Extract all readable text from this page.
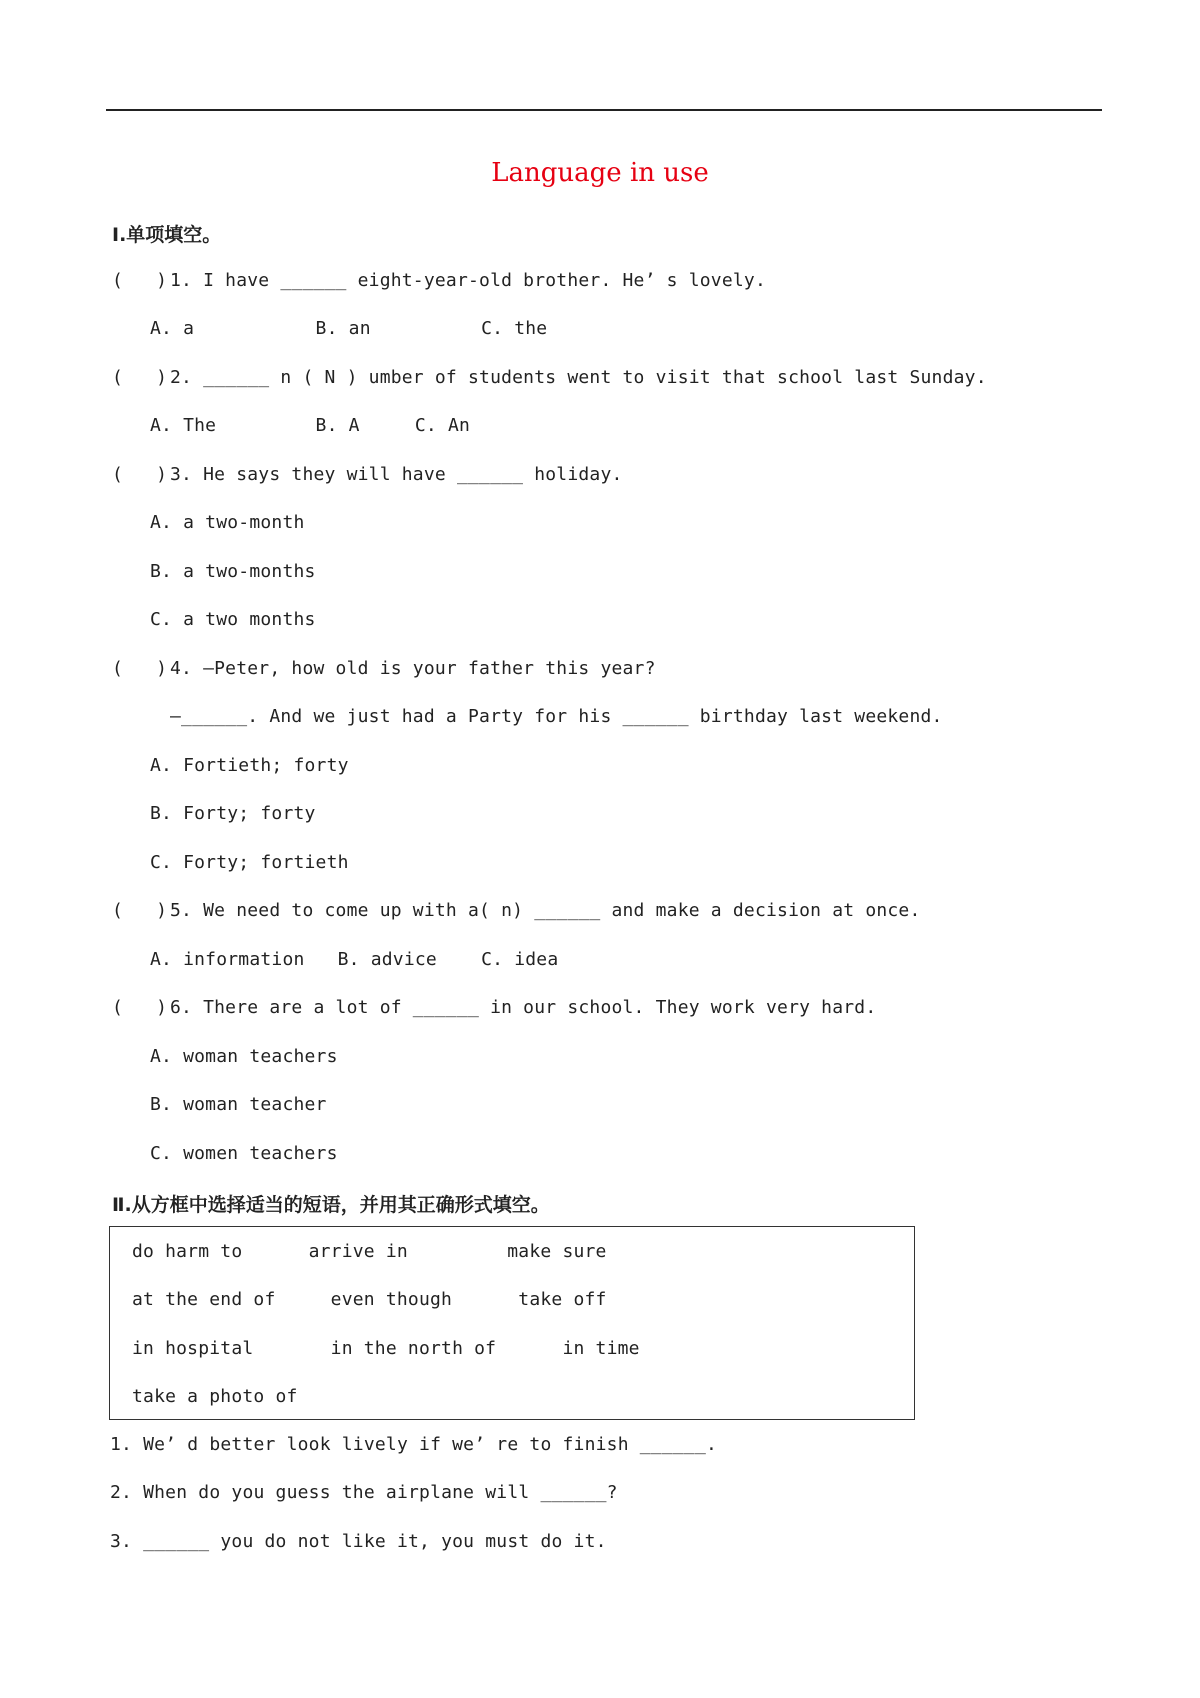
Language in use
Ⅰ.单项填空。
(   ) 1. I have ______ eight-year-old brother. He’ s lovely.
A. a           B. an          C. the
(   ) 2. ______ n ( N ) umber of students went to visit that school last Sunday.
A. The         B. A     C. An
(   ) 3. He says they will have ______ holiday.
A. a two-month
B. a two-months
C. a two months
(   ) 4. —Peter, how old is your father this year?
—______. And we just had a Party for his ______ birthday last weekend.
A. Fortieth; forty
B. Forty; forty
C. Forty; fortieth
(   ) 5. We need to come up with a( n) ______ and make a decision at once.
A. information   B. advice    C. idea
(   ) 6. There are a lot of ______ in our school. They work very hard.
A. woman teachers
B. woman teacher
C. women teachers
Ⅱ.从方框中选择适当的短语，并用其正确形式填空。
do harm to      arrive in         make sure
at the end of     even though      take off
in hospital       in the north of      in time
take a photo of
1. We’ d better look lively if we’ re to finish ______.
2. When do you guess the airplane will ______?
3. ______ you do not like it, you must do it.
